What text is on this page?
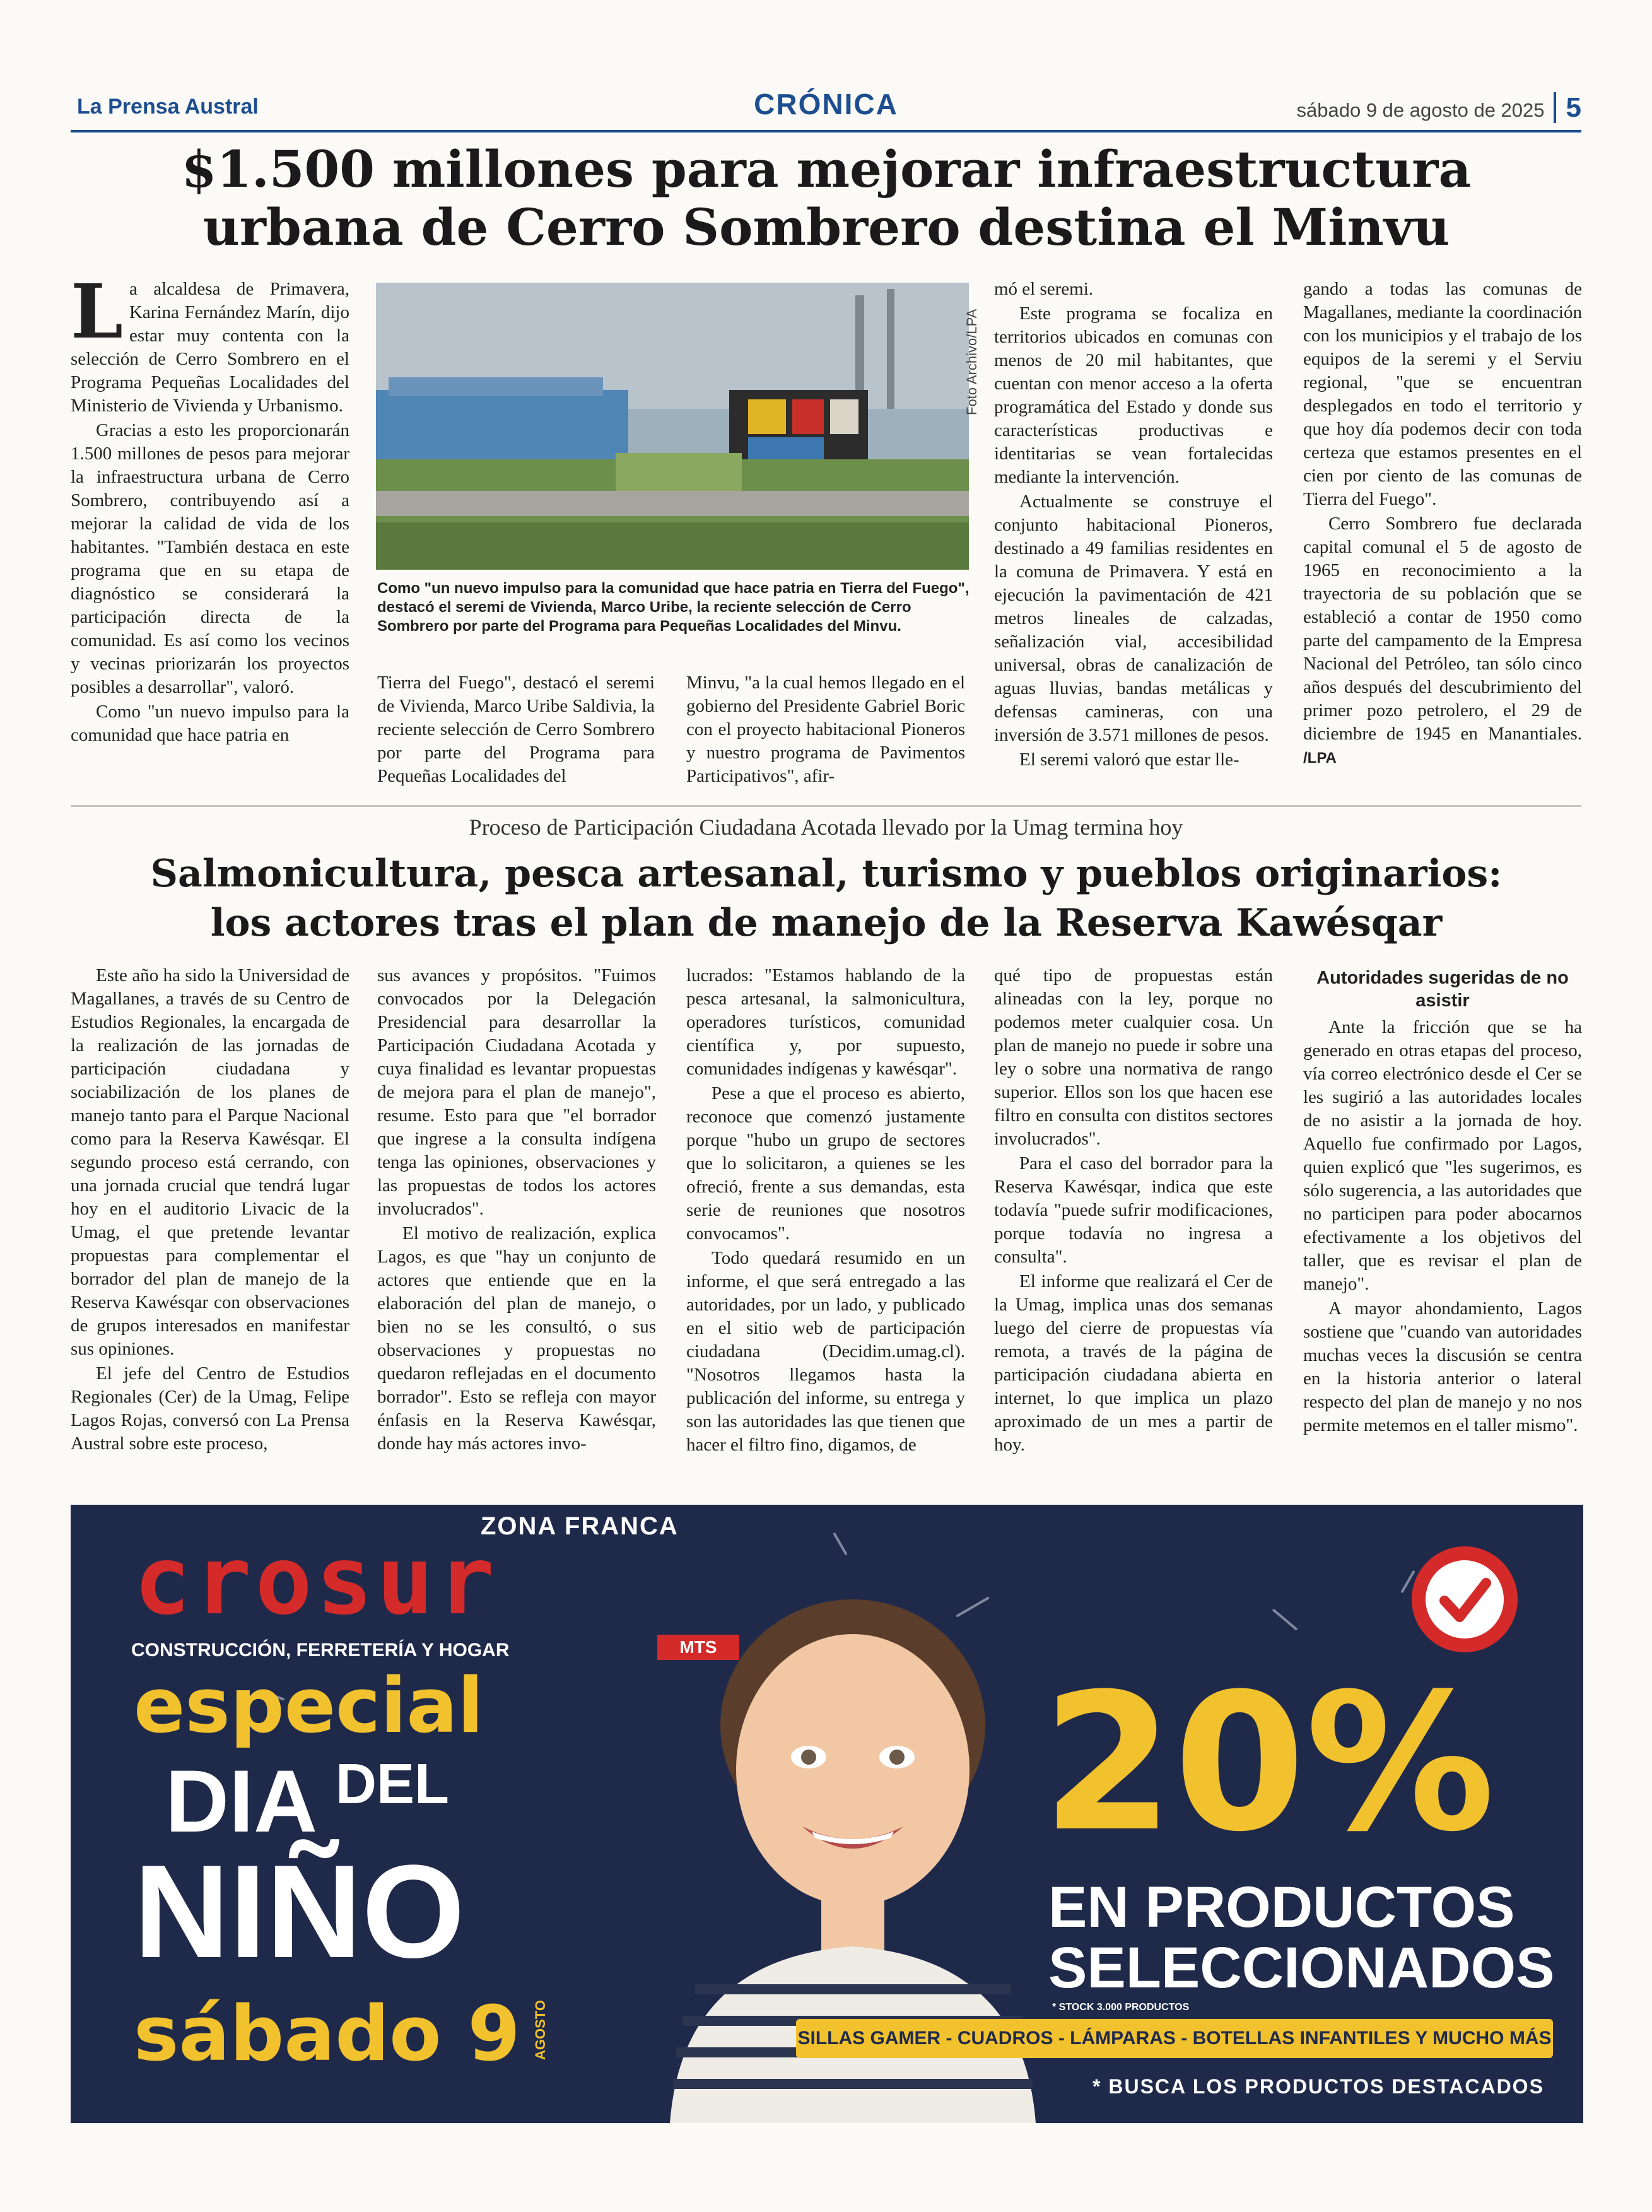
La Prensa Austral	CRÓNICA	sábado 9 de agosto de 2025 5
$1.500 millones para mejorar infraestructura
urbana de Cerro Sombrero destina el Minvu

La alcaldesa de Primavera, Karina Fernández Marín, dijo estar muy contenta con la selección de Cerro Sombrero en el Programa Pequeñas Localidades del Ministerio de Vivienda y Urbanismo.

Gracias a esto les proporcionarán 1.500 millones de pesos para mejorar la infraestructura urbana de Cerro Sombrero, contribuyendo así a mejorar la calidad de vida de los habitantes. "También destaca en este programa que en su etapa de diagnóstico se considerará la participación directa de la comunidad. Es así como los vecinos y vecinas priorizarán los proyectos posibles a desarrollar", valoró.

Como "un nuevo impulso para la comunidad que hace patria en

Foto Archivo/LPA
Como "un nuevo impulso para la comunidad que hace patria en Tierra del Fuego", destacó el seremi de Vivienda, Marco Uribe, la reciente selección de Cerro Sombrero por parte del Programa para Pequeñas Localidades del Minvu.

Tierra del Fuego", destacó el seremi de Vivienda, Marco Uribe Saldivia, la reciente selección de Cerro Sombrero por parte del Programa para Pequeñas Localidades del

Minvu, "a la cual hemos llegado en el gobierno del Presidente Gabriel Boric con el proyecto habitacional Pioneros y nuestro programa de Pavimentos Participativos", afir-

mó el seremi.

Este programa se focaliza en territorios ubicados en comunas con menos de 20 mil habitantes, que cuentan con menor acceso a la oferta programática del Estado y donde sus características productivas e identitarias se vean fortalecidas mediante la intervención.

Actualmente se construye el conjunto habitacional Pioneros, destinado a 49 familias residentes en la comuna de Primavera. Y está en ejecución la pavimentación de 421 metros lineales de calzadas, señalización vial, accesibilidad universal, obras de canalización de aguas lluvias, bandas metálicas y defensas camineras, con una inversión de 3.571 millones de pesos.

El seremi valoró que estar lle-

gando a todas las comunas de Magallanes, mediante la coordinación con los municipios y el trabajo de los equipos de la seremi y el Serviu regional, "que se encuentran desplegados en todo el territorio y que hoy día podemos decir con toda certeza que estamos presentes en el cien por ciento de las comunas de Tierra del Fuego".

Cerro Sombrero fue declarada capital comunal el 5 de agosto de 1965 en reconocimiento a la trayectoria de su población que se estableció a contar de 1950 como parte del campamento de la Empresa Nacional del Petróleo, tan sólo cinco años después del descubrimiento del primer pozo petrolero, el 29 de diciembre de 1945 en Manantiales. /LPA

Proceso de Participación Ciudadana Acotada llevado por la Umag termina hoy
Salmonicultura, pesca artesanal, turismo y pueblos originarios:
los actores tras el plan de manejo de la Reserva Kawésqar

Este año ha sido la Universidad de Magallanes, a través de su Centro de Estudios Regionales, la encargada de la realización de las jornadas de participación ciudadana y sociabilización de los planes de manejo tanto para el Parque Nacional como para la Reserva Kawésqar. El segundo proceso está cerrando, con una jornada crucial que tendrá lugar hoy en el auditorio Livacic de la Umag, el que pretende levantar propuestas para complementar el borrador del plan de manejo de la Reserva Kawésqar con observaciones de grupos interesados en manifestar sus opiniones.

El jefe del Centro de Estudios Regionales (Cer) de la Umag, Felipe Lagos Rojas, conversó con La Prensa Austral sobre este proceso,

sus avances y propósitos. "Fuimos convocados por la Delegación Presidencial para desarrollar la Participación Ciudadana Acotada y cuya finalidad es levantar propuestas de mejora para el plan de manejo", resume. Esto para que "el borrador que ingrese a la consulta indígena tenga las opiniones, observaciones y las propuestas de todos los actores involucrados".

El motivo de realización, explica Lagos, es que "hay un conjunto de actores que entiende que en la elaboración del plan de manejo, o bien no se les consultó, o sus observaciones y propuestas no quedaron reflejadas en el documento borrador". Esto se refleja con mayor énfasis en la Reserva Kawésqar, donde hay más actores invo-

lucrados: "Estamos hablando de la pesca artesanal, la salmonicultura, operadores turísticos, comunidad científica y, por supuesto, comunidades indígenas y kawésqar".

Pese a que el proceso es abierto, reconoce que comenzó justamente porque "hubo un grupo de sectores que lo solicitaron, a quienes se les ofreció, frente a sus demandas, esta serie de reuniones que nosotros convocamos".

Todo quedará resumido en un informe, el que será entregado a las autoridades, por un lado, y publicado en el sitio web de participación ciudadana (Decidim.umag.cl). "Nosotros llegamos hasta la publicación del informe, su entrega y son las autoridades las que tienen que hacer el filtro fino, digamos, de

qué tipo de propuestas están alineadas con la ley, porque no podemos meter cualquier cosa. Un plan de manejo no puede ir sobre una ley o sobre una normativa de rango superior. Ellos son los que hacen ese filtro en consulta con distitos sectores involucrados".

Para el caso del borrador para la Reserva Kawésqar, indica que este todavía "puede sufrir modificaciones, porque todavía no ingresa a consulta".

El informe que realizará el Cer de la Umag, implica unas dos semanas luego del cierre de propuestas vía remota, a través de la página de participación ciudadana abierta en internet, lo que implica un plazo aproximado de un mes a partir de hoy.

Autoridades sugeridas de no asistir

Ante la fricción que se ha generado en otras etapas del proceso, vía correo electrónico desde el Cer se les sugirió a las autoridades locales de no asistir a la jornada de hoy. Aquello fue confirmado por Lagos, quien explicó que "les sugerimos, es sólo sugerencia, a las autoridades que no participen para poder abocarnos efectivamente a los objetivos del taller, que es revisar el plan de manejo".

A mayor ahondamiento, Lagos sostiene que "cuando van autoridades muchas veces la discusión se centra en la historia anterior o lateral respecto del plan de manejo y no nos permite metemos en el taller mismo".

ZONA FRANCA
crosur
CONSTRUCCIÓN, FERRETERÍA Y HOGAR	MTS
especial
DIA DEL
NIÑO
sábado 9 AGOSTO
20%
EN PRODUCTOS
SELECCIONADOS
* STOCK 3.000 PRODUCTOS
SILLAS GAMER - CUADROS - LÁMPARAS - BOTELLAS INFANTILES Y MUCHO MÁS
* BUSCA LOS PRODUCTOS DESTACADOS
